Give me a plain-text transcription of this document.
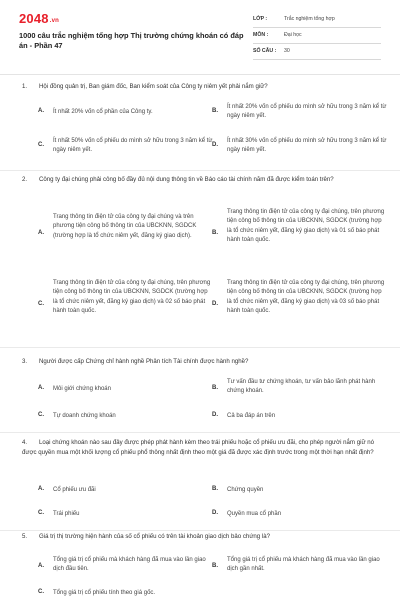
2048.vn
1000 câu trắc nghiệm tổng hợp Thị trường chứng khoán có đáp án - Phần 47
LỚP :	Trắc nghiệm tổng hợp
MÔN :	Đại học
SỐ CÂU : 30
1. Hội đồng quản trị, Ban giám đốc, Ban kiểm soát của Công ty niêm yết phải nắm giữ?
A. Ít nhất 20% vốn cổ phần của Công ty.	B.
Ít nhất 20% vốn cổ phiếu do mình sở hữu trong 3 năm kể từ ngày niêm yết.
C.
Ít nhất 50% vốn cổ phiếu do mình sở hữu trong 3 năm kể từ ngày niêm yết.
D.
Ít nhất 30% vốn cổ phiếu do mình sở hữu trong 3 năm kể từ ngày niêm yết.
2. Công ty đại chúng phải công bố đầy đủ nội dung thông tin về Báo cáo tài chính năm đã được kiểm toán trên?
A.
Trang thông tin điện tử của công ty đại chúng và trên phương tiện công bố thông tin của UBCKNN, SGDCK (trường hợp là tổ chức niêm yết, đăng ký giao dịch).	B.
Trang thông tin điện tử của công ty đại chúng, trên phương tiện công bố thông tin của UBCKNN, SGDCK (trường hợp là tổ chức niêm yết, đăng ký giao dịch) và 01 số báo phát hành toàn quốc.
C.
Trang thông tin điện tử của công ty đại chúng, trên phương tiện công bố thông tin của UBCKNN, SGDCK (trường hợp là tổ chức niêm yết, đăng ký giao dịch) và 02 số báo phát hành toàn quốc.
D.
Trang thông tin điện tử của công ty đại chúng, trên phương tiện công bố thông tin của UBCKNN, SGDCK (trường hợp là tổ chức niêm yết, đăng ký giao dịch) và 03 số báo phát hành toàn quốc.
3. Người được cấp Chứng chỉ hành nghề Phân tích Tài chính được hành nghề?
A. Môi giới chứng khoán	B.
Tư vấn đầu tư chứng khoán, tư vấn bảo lãnh phát hành chứng khoán.
C. Tự doanh chứng khoán	D. Cả ba đáp án trên
4. Loại chứng khoán nào sau đây được phép phát hành kèm theo trái phiếu hoặc cổ phiếu ưu đãi, cho phép người nắm giữ nó được quyền mua một khối lượng cổ phiếu phổ thông nhất định theo một giá đã được xác định trước trong một thời hạn nhất định?
A. Cổ phiếu ưu đãi	B. Chứng quyền
C. Trái phiếu	D. Quyền mua cổ phần
5. Giá trị thị trường hiện hành của số cổ phiếu có trên tài khoản giao dịch bảo chứng là?
A.
Tổng giá trị cổ phiếu mà khách hàng đã mua vào lần giao dịch đầu tiên.
B.
Tổng giá trị cổ phiếu mà khách hàng đã mua vào lần giao dịch gần nhất.
C. Tổng giá trị cổ phiếu tính theo giá gốc.
